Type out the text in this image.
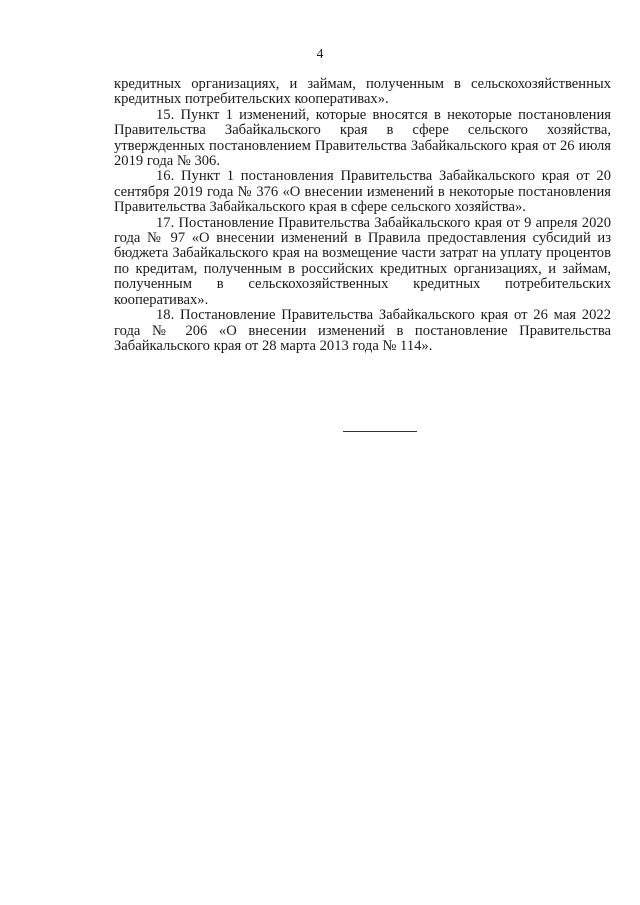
4

кредитных организациях, и займам, полученным в сельскохозяйственных кредитных потребительских кооперативах».

15. Пункт 1 изменений, которые вносятся в некоторые постановления Правительства Забайкальского края в сфере сельского хозяйства, утвержденных постановлением Правительства Забайкальского края от 26 июля 2019 года № 306.

16. Пункт 1 постановления Правительства Забайкальского края от 20 сентября 2019 года № 376 «О внесении изменений в некоторые постановления Правительства Забайкальского края в сфере сельского хозяйства».

17. Постановление Правительства Забайкальского края от 9 апреля 2020 года № 97 «О внесении изменений в Правила предоставления субсидий из бюджета Забайкальского края на возмещение части затрат на уплату процентов по кредитам, полученным в российских кредитных организациях, и займам, полученным в сельскохозяйственных кредитных потребительских кооперативах».

18. Постановление Правительства Забайкальского края от 26 мая 2022 года № 206 «О внесении изменений в постановление Правительства Забайкальского края от 28 марта 2013 года № 114».
